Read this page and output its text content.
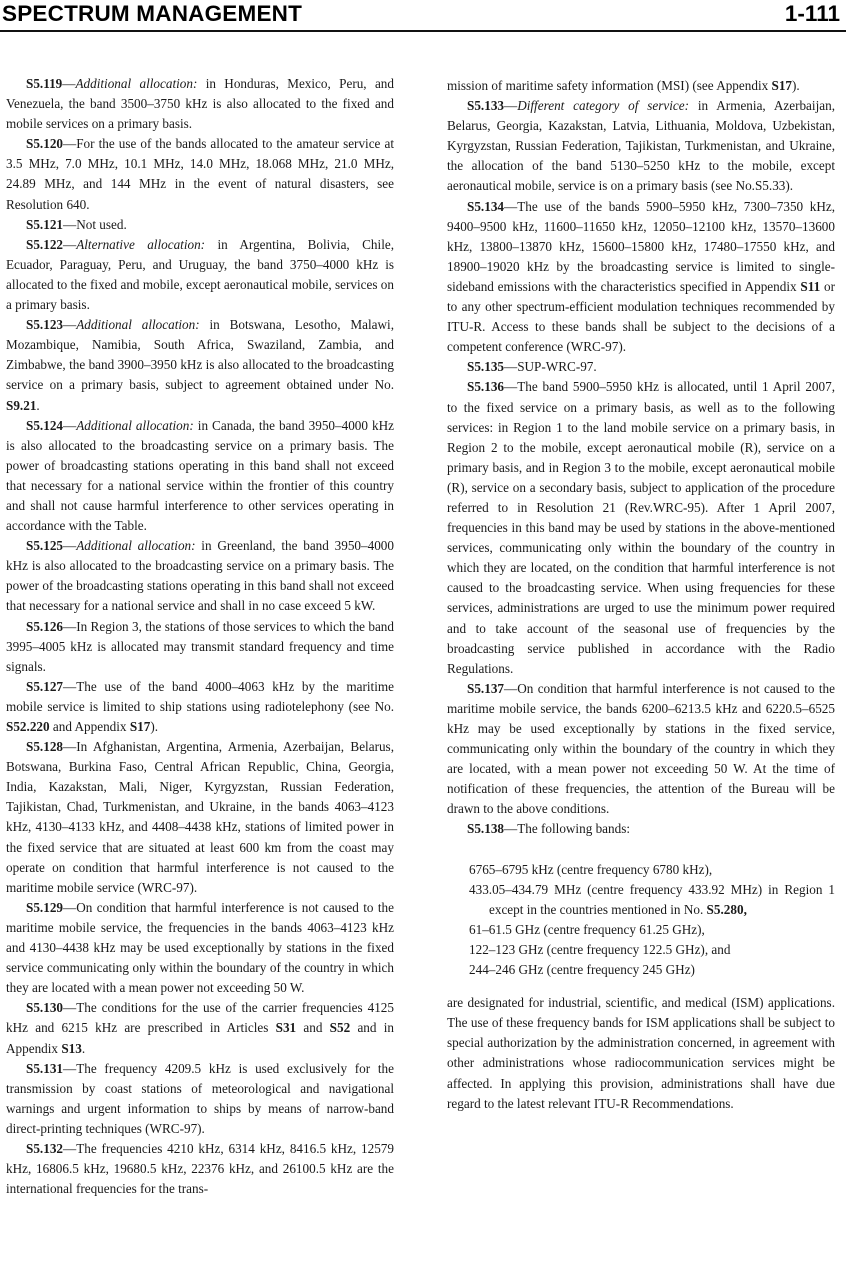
SPECTRUM MANAGEMENT	1-111

S5.119—Additional allocation: in Honduras, Mexico, Peru, and Venezuela, the band 3500–3750 kHz is also allocated to the fixed and mobile services on a primary basis.

S5.120—For the use of the bands allocated to the amateur service at 3.5 MHz, 7.0 MHz, 10.1 MHz, 14.0 MHz, 18.068 MHz, 21.0 MHz, 24.89 MHz, and 144 MHz in the event of natural disasters, see Resolution 640.

S5.121—Not used.

S5.122—Alternative allocation: in Argentina, Bolivia, Chile, Ecuador, Paraguay, Peru, and Uruguay, the band 3750–4000 kHz is allocated to the fixed and mobile, except aeronautical mobile, services on a primary basis.

S5.123—Additional allocation: in Botswana, Lesotho, Malawi, Mozambique, Namibia, South Africa, Swaziland, Zambia, and Zimbabwe, the band 3900–3950 kHz is also allocated to the broadcasting service on a primary basis, subject to agreement obtained under No. S9.21.

S5.124—Additional allocation: in Canada, the band 3950–4000 kHz is also allocated to the broadcasting service on a primary basis. The power of broadcasting stations operating in this band shall not exceed that necessary for a national service within the frontier of this country and shall not cause harmful interference to other services operating in accordance with the Table.

S5.125—Additional allocation: in Greenland, the band 3950–4000 kHz is also allocated to the broadcasting service on a primary basis. The power of the broadcasting stations operating in this band shall not exceed that necessary for a national service and shall in no case exceed 5 kW.

S5.126—In Region 3, the stations of those services to which the band 3995–4005 kHz is allocated may transmit standard frequency and time signals.

S5.127—The use of the band 4000–4063 kHz by the maritime mobile service is limited to ship stations using radiotelephony (see No. S52.220 and Appendix S17).

S5.128—In Afghanistan, Argentina, Armenia, Azerbaijan, Belarus, Botswana, Burkina Faso, Central African Republic, China, Georgia, India, Kazakstan, Mali, Niger, Kyrgyzstan, Russian Federation, Tajikistan, Chad, Turkmenistan, and Ukraine, in the bands 4063–4123 kHz, 4130–4133 kHz, and 4408–4438 kHz, stations of limited power in the fixed service that are situated at least 600 km from the coast may operate on condition that harmful interference is not caused to the maritime mobile service (WRC-97).

S5.129—On condition that harmful interference is not caused to the maritime mobile service, the frequencies in the bands 4063–4123 kHz and 4130–4438 kHz may be used exceptionally by stations in the fixed service communicating only within the boundary of the country in which they are located with a mean power not exceeding 50 W.

S5.130—The conditions for the use of the carrier frequencies 4125 kHz and 6215 kHz are prescribed in Articles S31 and S52 and in Appendix S13.

S5.131—The frequency 4209.5 kHz is used exclusively for the transmission by coast stations of meteorological and navigational warnings and urgent information to ships by means of narrow-band direct-printing techniques (WRC-97).

S5.132—The frequencies 4210 kHz, 6314 kHz, 8416.5 kHz, 12579 kHz, 16806.5 kHz, 19680.5 kHz, 22376 kHz, and 26100.5 kHz are the international frequencies for the trans-

mission of maritime safety information (MSI) (see Appendix S17).

S5.133—Different category of service: in Armenia, Azerbaijan, Belarus, Georgia, Kazakstan, Latvia, Lithuania, Moldova, Uzbekistan, Kyrgyzstan, Russian Federation, Tajikistan, Turkmenistan, and Ukraine, the allocation of the band 5130–5250 kHz to the mobile, except aeronautical mobile, service is on a primary basis (see No.S5.33).

S5.134—The use of the bands 5900–5950 kHz, 7300–7350 kHz, 9400–9500 kHz, 11600–11650 kHz, 12050–12100 kHz, 13570–13600 kHz, 13800–13870 kHz, 15600–15800 kHz, 17480–17550 kHz, and 18900–19020 kHz by the broadcasting service is limited to single-sideband emissions with the characteristics specified in Appendix S11 or to any other spectrum-efficient modulation techniques recommended by ITU-R. Access to these bands shall be subject to the decisions of a competent conference (WRC-97).

S5.135—SUP-WRC-97.

S5.136—The band 5900–5950 kHz is allocated, until 1 April 2007, to the fixed service on a primary basis, as well as to the following services: in Region 1 to the land mobile service on a primary basis, in Region 2 to the mobile, except aeronautical mobile (R), service on a primary basis, and in Region 3 to the mobile, except aeronautical mobile (R), service on a secondary basis, subject to application of the procedure referred to in Resolution 21 (Rev.WRC-95). After 1 April 2007, frequencies in this band may be used by stations in the above-mentioned services, communicating only within the boundary of the country in which they are located, on the condition that harmful interference is not caused to the broadcasting service. When using frequencies for these services, administrations are urged to use the minimum power required and to take account of the seasonal use of frequencies by the broadcasting service published in accordance with the Radio Regulations.

S5.137—On condition that harmful interference is not caused to the maritime mobile service, the bands 6200–6213.5 kHz and 6220.5–6525 kHz may be used exceptionally by stations in the fixed service, communicating only within the boundary of the country in which they are located, with a mean power not exceeding 50 W. At the time of notification of these frequencies, the attention of the Bureau will be drawn to the above conditions.

S5.138—The following bands:

6765–6795 kHz (centre frequency 6780 kHz),
433.05–434.79 MHz (centre frequency 433.92 MHz) in Region 1 except in the countries mentioned in No. S5.280,
61–61.5 GHz (centre frequency 61.25 GHz),
122–123 GHz (centre frequency 122.5 GHz), and
244–246 GHz (centre frequency 245 GHz)

are designated for industrial, scientific, and medical (ISM) applications. The use of these frequency bands for ISM applications shall be subject to special authorization by the administration concerned, in agreement with other administrations whose radiocommunication services might be affected. In applying this provision, administrations shall have due regard to the latest relevant ITU-R Recommendations.
